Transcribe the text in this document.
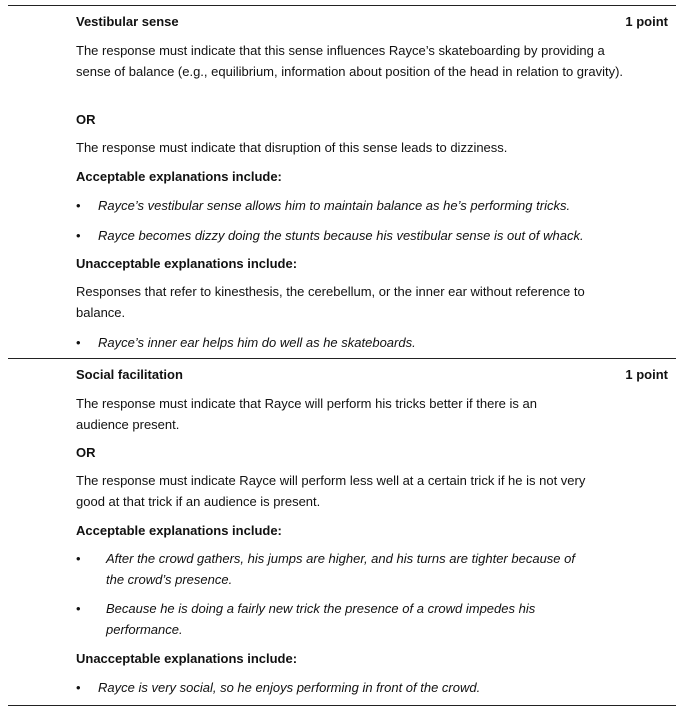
Vestibular sense	1 point
The response must indicate that this sense influences Rayce’s skateboarding by providing a sense of balance (e.g., equilibrium, information about position of the head in relation to gravity).
OR
The response must indicate that disruption of this sense leads to dizziness.
Acceptable explanations include:
• Rayce’s vestibular sense allows him to maintain balance as he’s performing tricks.
• Rayce becomes dizzy doing the stunts because his vestibular sense is out of whack.
Unacceptable explanations include:
Responses that refer to kinesthesis, the cerebellum, or the inner ear without reference to balance.
• Rayce’s inner ear helps him do well as he skateboards.
Social facilitation	1 point
The response must indicate that Rayce will perform his tricks better if there is an audience present.
OR
The response must indicate Rayce will perform less well at a certain trick if he is not very good at that trick if an audience is present.
Acceptable explanations include:
• After the crowd gathers, his jumps are higher, and his turns are tighter because of the crowd’s presence.
• Because he is doing a fairly new trick the presence of a crowd impedes his performance.
Unacceptable explanations include:
• Rayce is very social, so he enjoys performing in front of the crowd.
